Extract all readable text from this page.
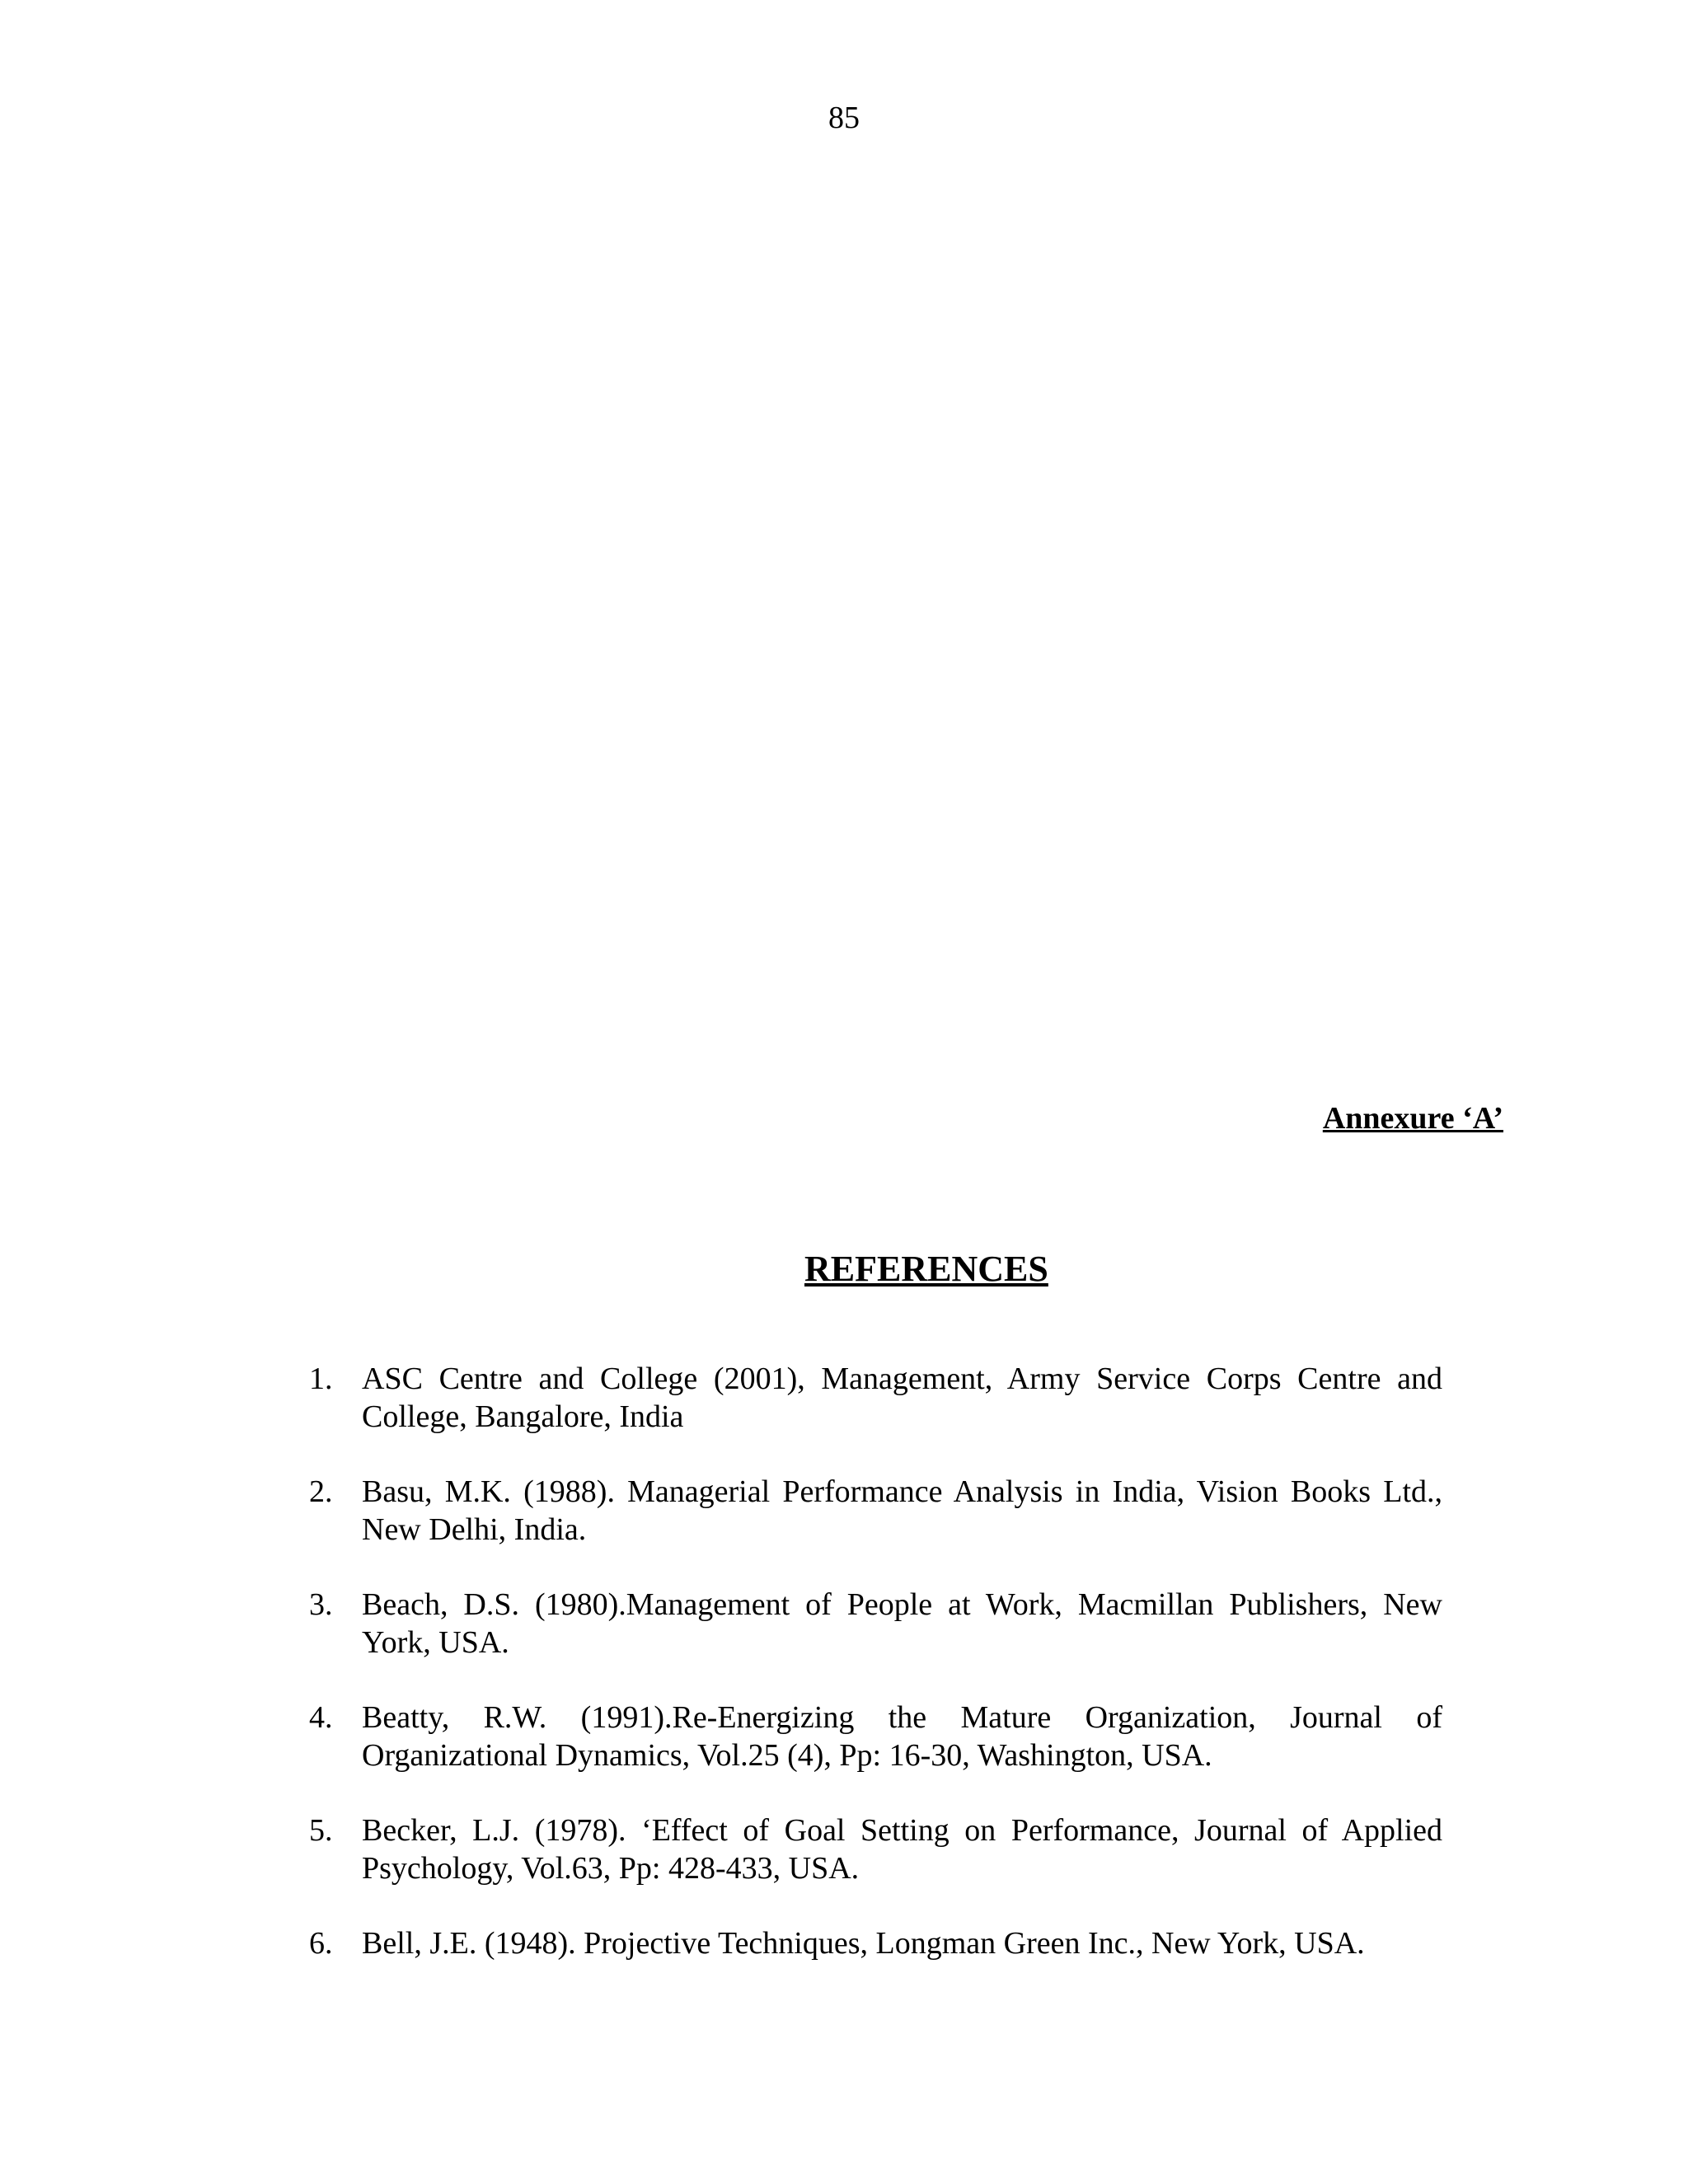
85
Annexure ‘A’
REFERENCES
1. ASC Centre and College (2001), Management, Army Service Corps Centre and College, Bangalore, India
2. Basu, M.K. (1988). Managerial Performance Analysis in India, Vision Books Ltd., New Delhi, India.
3. Beach, D.S. (1980).Management of People at Work, Macmillan Publishers, New York, USA.
4. Beatty, R.W. (1991).Re-Energizing the Mature Organization, Journal of Organizational Dynamics, Vol.25 (4), Pp: 16-30, Washington, USA.
5. Becker, L.J. (1978). ‘Effect of Goal Setting on Performance, Journal of Applied Psychology, Vol.63, Pp: 428-433, USA.
6. Bell, J.E. (1948). Projective Techniques, Longman Green Inc., New York, USA.
